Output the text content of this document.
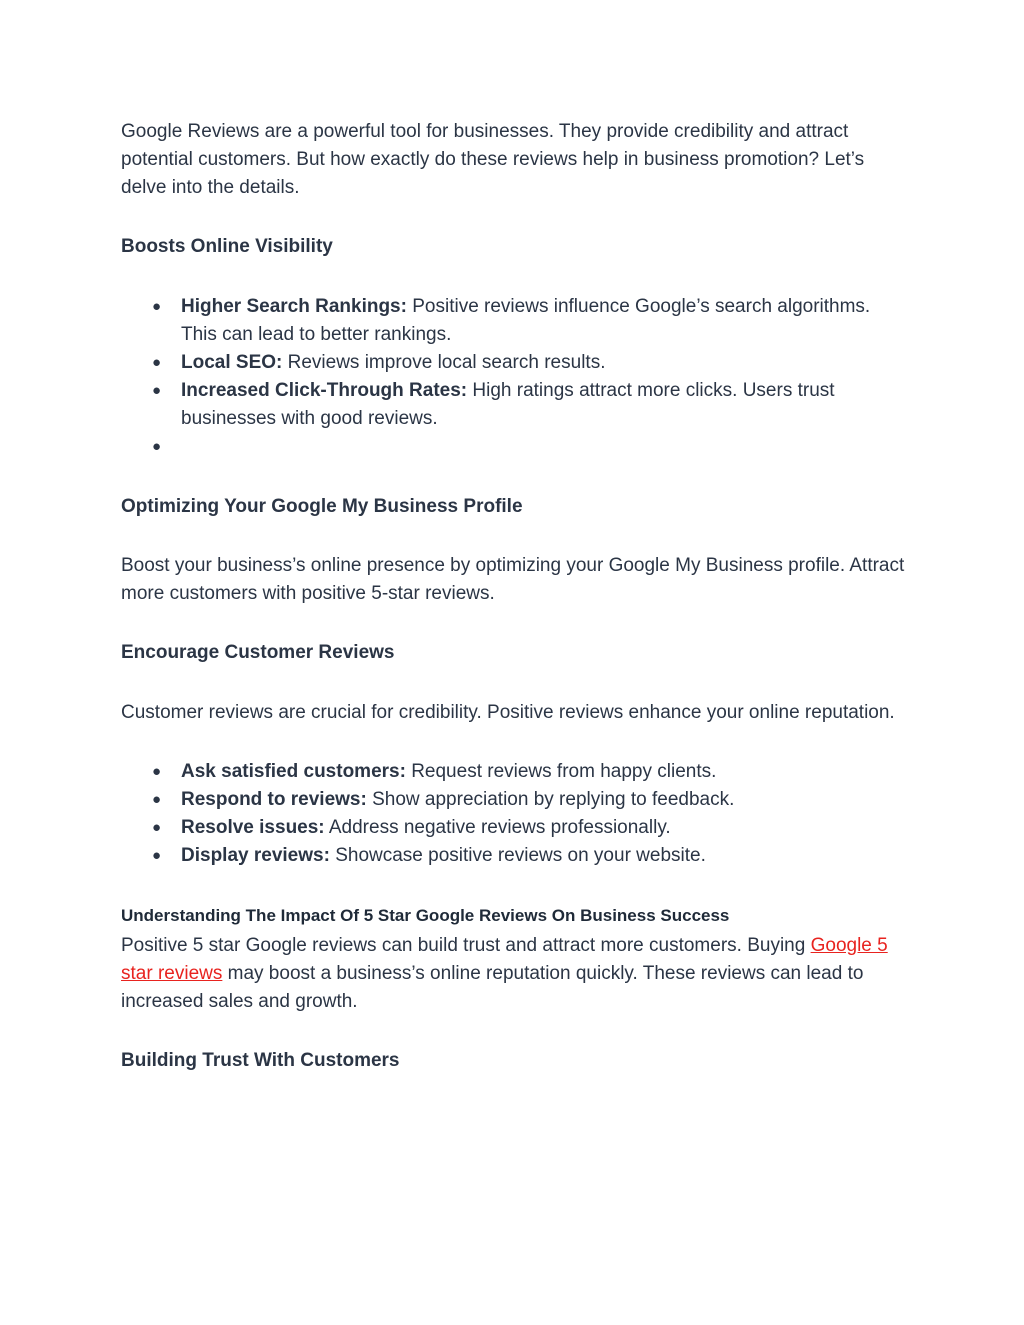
Google Reviews are a powerful tool for businesses. They provide credibility and attract potential customers. But how exactly do these reviews help in business promotion? Let’s delve into the details.

Boosts Online Visibility
● Higher Search Rankings: Positive reviews influence Google’s search algorithms. This can lead to better rankings.
● Local SEO: Reviews improve local search results.
● Increased Click-Through Rates: High ratings attract more clicks. Users trust businesses with good reviews.
●
Optimizing Your Google My Business Profile

Boost your business’s online presence by optimizing your Google My Business profile. Attract more customers with positive 5-star reviews.

Encourage Customer Reviews

Customer reviews are crucial for credibility. Positive reviews enhance your online reputation.

● Ask satisfied customers: Request reviews from happy clients.
● Respond to reviews: Show appreciation by replying to feedback.
● Resolve issues: Address negative reviews professionally.
● Display reviews: Showcase positive reviews on your website.
Understanding The Impact Of 5 Star Google Reviews On Business Success

Positive 5 star Google reviews can build trust and attract more customers. Buying Google 5 star reviews may boost a business’s online reputation quickly. These reviews can lead to increased sales and growth.

Building Trust With Customers
